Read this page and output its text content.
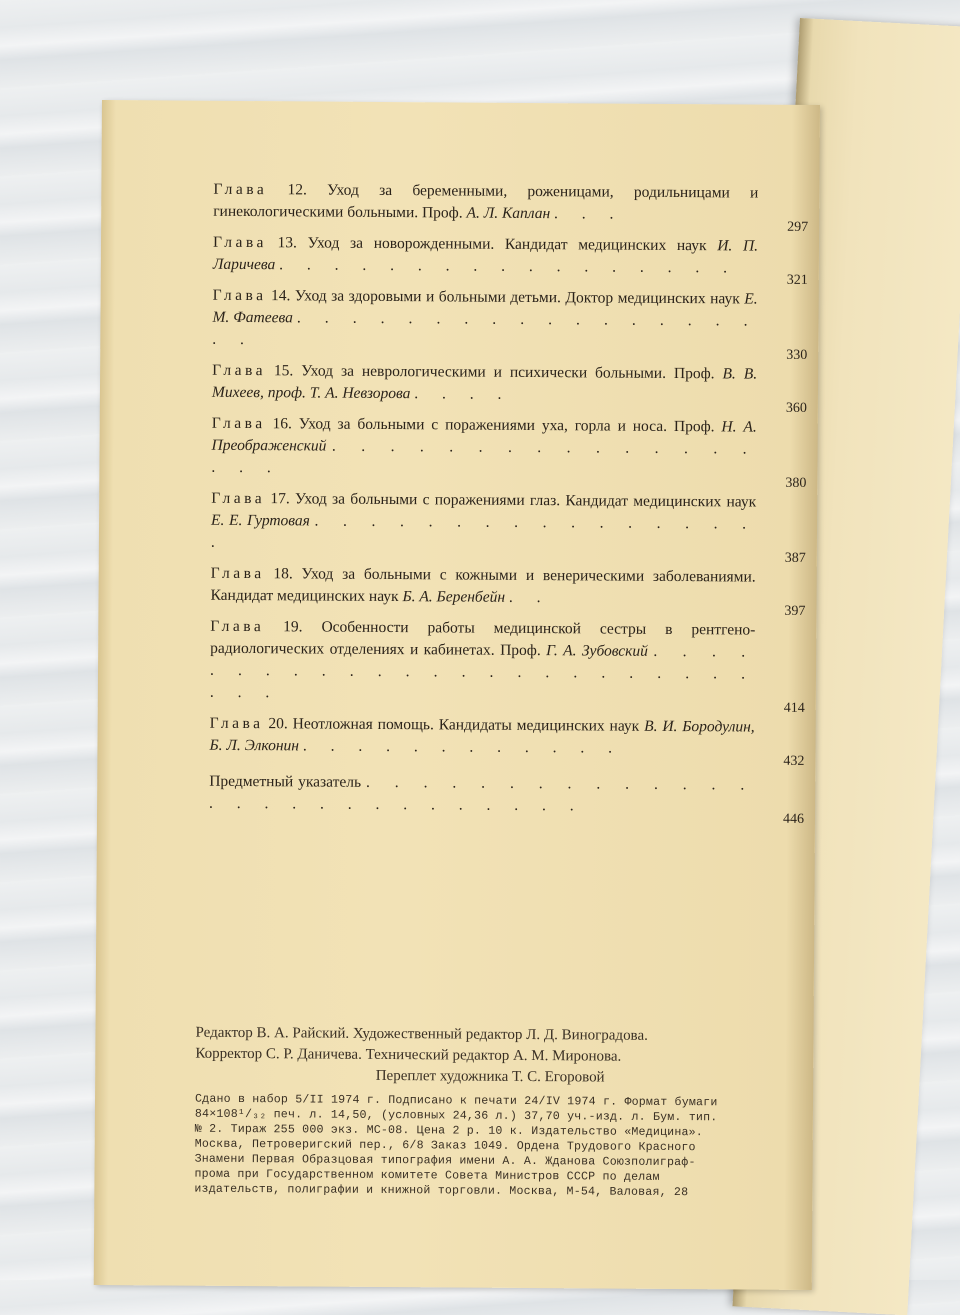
Глава 12. Уход за беременными, роженицами, родильницами и гинекологическими больными. Проф. А. Л. Каплан . . .
297
Глава 13. Уход за новорожденными. Кандидат медицинских наук И. П. Ларичева . . . . . . . . . . . . . . . . .
321
Глава 14. Уход за здоровыми и больными детьми. Доктор медицинских наук Е. М. Фатеева . . . . . . . . . . . . . . . . . . .
330
Глава 15. Уход за неврологическими и психически больными. Проф. В. В. Михеев, проф. Т. А. Невзорова . . . .
360
Глава 16. Уход за больными с поражениями уха, горла и носа. Проф. Н. А. Преображенский . . . . . . . . . . . . . . . . . .
380
Глава 17. Уход за больными с поражениями глаз. Кандидат медицинских наук Е. Е. Гуртовая . . . . . . . . . . . . . . . . .
387
Глава 18. Уход за больными с кожными и венерическими заболеваниями. Кандидат медицинских наук Б. А. Беренбейн . .
397
Глава 19. Особенности работы медицинской сестры в рентгено-радиологических отделениях и кабинетах. Проф. Г. А. Зубовский . . . . . . . . . . . . . . . . . . . . . . . . . . .
414
Глава 20. Неотложная помощь. Кандидаты медицинских наук В. И. Бородулин, Б. Л. Элконин . . . . . . . . . . . .
432
Предметный указатель . . . . . . . . . . . . . . . . . . . . . . . . . . . .
446
Редактор В. А. Райский. Художественный редактор Л. Д. Виноградова.
Корректор С. Р. Даничева. Технический редактор А. М. Миронова.
Переплет художника Т. С. Егоровой
Сдано в набор 5/II 1974 г. Подписано к печати 24/IV 1974 г. Формат бумаги
84×108¹/₃₂ печ. л. 14,50, (условных 24,36 л.) 37,70 уч.-изд. л. Бум. тип.
№ 2. Тираж 255 000 экз. МС-08. Цена 2 р. 10 к. Издательство «Медицина».
Москва, Петроверигский пер., 6/8 Заказ 1049. Ордена Трудового Красного
Знамени Первая Образцовая типография имени А. А. Жданова Союзполиграф-
прома при Государственном комитете Совета Министров СССР по делам
издательств, полиграфии и книжной торговли. Москва, М-54, Валовая, 28
